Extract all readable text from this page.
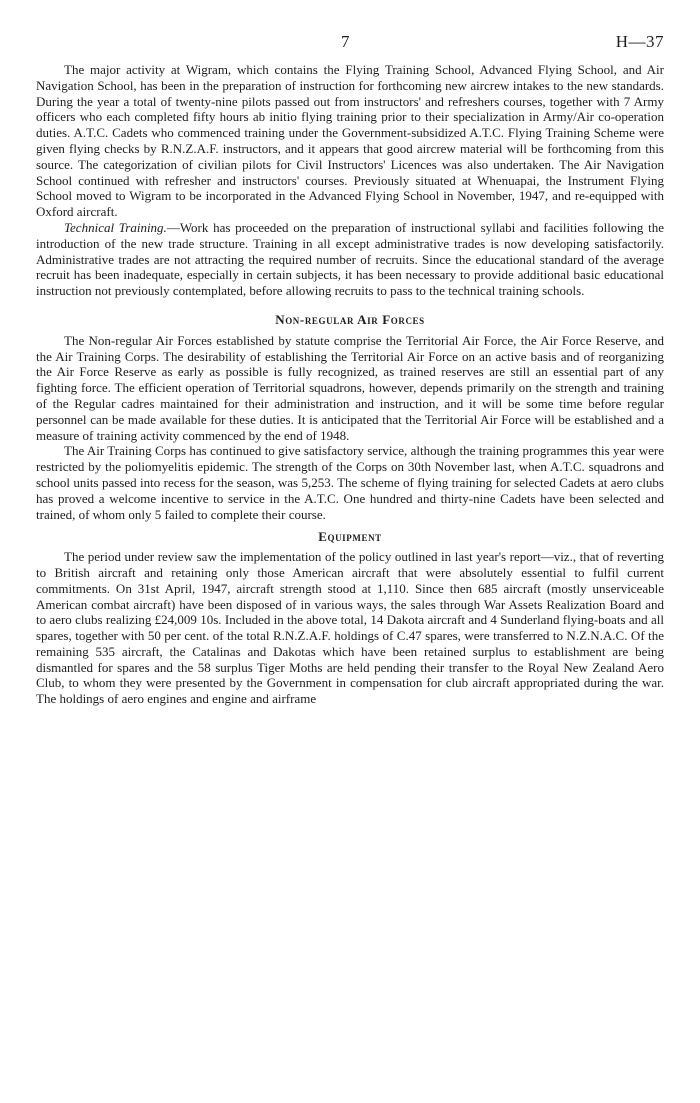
7	H—37

The major activity at Wigram, which contains the Flying Training School, Advanced Flying School, and Air Navigation School, has been in the preparation of instruction for forthcoming new aircrew intakes to the new standards. During the year a total of twenty-nine pilots passed out from instructors' and refreshers courses, together with 7 Army officers who each completed fifty hours ab initio flying training prior to their specialization in Army/Air co-operation duties. A.T.C. Cadets who commenced training under the Government-subsidized A.T.C. Flying Training Scheme were given flying checks by R.N.Z.A.F. instructors, and it appears that good aircrew material will be forthcoming from this source. The categorization of civilian pilots for Civil Instructors' Licences was also undertaken. The Air Navigation School continued with refresher and instructors' courses. Previously situated at Whenuapai, the Instrument Flying School moved to Wigram to be incorporated in the Advanced Flying School in November, 1947, and re-equipped with Oxford aircraft.

Technical Training.—Work has proceeded on the preparation of instructional syllabi and facilities following the introduction of the new trade structure. Training in all except administrative trades is now developing satisfactorily. Administrative trades are not attracting the required number of recruits. Since the educational standard of the average recruit has been inadequate, especially in certain subjects, it has been necessary to provide additional basic educational instruction not previously contemplated, before allowing recruits to pass to the technical training schools.

Non-regular Air Forces

The Non-regular Air Forces established by statute comprise the Territorial Air Force, the Air Force Reserve, and the Air Training Corps. The desirability of establishing the Territorial Air Force on an active basis and of reorganizing the Air Force Reserve as early as possible is fully recognized, as trained reserves are still an essential part of any fighting force. The efficient operation of Territorial squadrons, however, depends primarily on the strength and training of the Regular cadres maintained for their administration and instruction, and it will be some time before regular personnel can be made available for these duties. It is anticipated that the Territorial Air Force will be established and a measure of training activity commenced by the end of 1948.

The Air Training Corps has continued to give satisfactory service, although the training programmes this year were restricted by the poliomyelitis epidemic. The strength of the Corps on 30th November last, when A.T.C. squadrons and school units passed into recess for the season, was 5,253. The scheme of flying training for selected Cadets at aero clubs has proved a welcome incentive to service in the A.T.C. One hundred and thirty-nine Cadets have been selected and trained, of whom only 5 failed to complete their course.

Equipment

The period under review saw the implementation of the policy outlined in last year's report—viz., that of reverting to British aircraft and retaining only those American aircraft that were absolutely essential to fulfil current commitments. On 31st April, 1947, aircraft strength stood at 1,110. Since then 685 aircraft (mostly unserviceable American combat aircraft) have been disposed of in various ways, the sales through War Assets Realization Board and to aero clubs realizing £24,009 10s. Included in the above total, 14 Dakota aircraft and 4 Sunderland flying-boats and all spares, together with 50 per cent. of the total R.N.Z.A.F. holdings of C.47 spares, were transferred to N.Z.N.A.C. Of the remaining 535 aircraft, the Catalinas and Dakotas which have been retained surplus to establishment are being dismantled for spares and the 58 surplus Tiger Moths are held pending their transfer to the Royal New Zealand Aero Club, to whom they were presented by the Government in compensation for club aircraft appropriated during the war. The holdings of aero engines and engine and airframe
